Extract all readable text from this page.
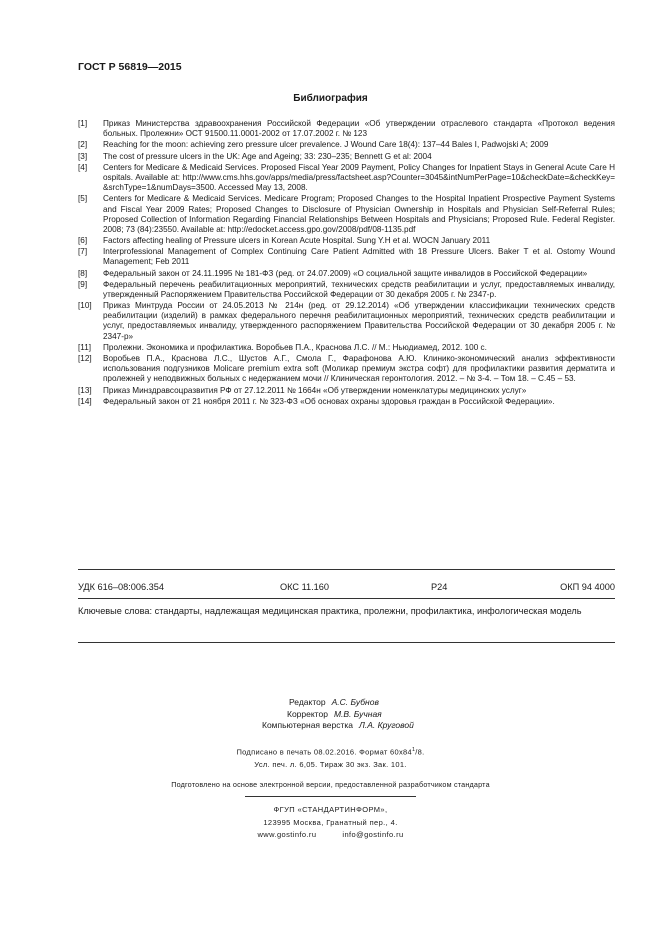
ГОСТ Р 56819—2015
Библиография
[1]	Приказ Министерства здравоохранения Российской Федерации «Об утверждении отраслевого стандарта «Протокол ведения больных. Пролежни» ОСТ 91500.11.0001-2002 от 17.07.2002 г. № 123
[2]	Reaching for the moon: achieving zero pressure ulcer prevalence. J Wound Care 18(4): 137–44 Bales I, Padwojski A; 2009
[3]	The cost of pressure ulcers in the UK: Age and Ageing; 33: 230–235; Bennett G et al: 2004
[4]	Centers for Medicare & Medicaid Services. Proposed Fiscal Year 2009 Payment, Policy Changes for Inpatient Stays in General Acute Care Hospitals. Available at: http://www.cms.hhs.gov/apps/media/press/factsheet.asp?Counter=3045&intNumPerPage=10&checkDate=&checkKey=&srchType=1&numDays=3500. Accessed May 13, 2008.
[5]	Centers for Medicare & Medicaid Services. Medicare Program; Proposed Changes to the Hospital Inpatient Prospective Payment Systems and Fiscal Year 2009 Rates; Proposed Changes to Disclosure of Physician Ownership in Hospitals and Physician Self-Referral Rules; Proposed Collection of Information Regarding Financial Relationships Between Hospitals and Physicians; Proposed Rule. Federal Register. 2008; 73 (84):23550. Available at: http://edocket.access.gpo.gov/2008/pdf/08-1135.pdf
[6]	Factors affecting healing of Pressure ulcers in Korean Acute Hospital. Sung Y.H et al. WOCN January 2011
[7]	Interprofessional Management of Complex Continuing Care Patient Admitted with 18 Pressure Ulcers. Baker T et al. Ostomy Wound Management; Feb 2011
[8]	Федеральный закон от 24.11.1995 № 181-ФЗ (ред. от 24.07.2009) «О социальной защите инвалидов в Российской Федерации»
[9]	Федеральный перечень реабилитационных мероприятий, технических средств реабилитации и услуг, предоставляемых инвалиду, утвержденный Распоряжением Правительства Российской Федерации от 30 декабря 2005 г. № 2347-р.
[10]	Приказ Минтруда России от 24.05.2013 № 214н (ред. от 29.12.2014) «Об утверждении классификации технических средств реабилитации (изделий) в рамках федерального перечня реабилитационных мероприятий, технических средств реабилитации и услуг, предоставляемых инвалиду, утвержденного распоряжением Правительства Российской Федерации от 30 декабря 2005 г. № 2347-р»
[11]	Пролежни. Экономика и профилактика. Воробьев П.А., Краснова Л.С. // М.: Ньюдиамед, 2012. 100 с.
[12]	Воробьев П.А., Краснова Л.С., Шустов А.Г., Смола Г., Фарафонова А.Ю. Клинико-экономический анализ эффективности использования подгузников Molicare premium extra soft (Моликар премиум экстра софт) для профилактики развития дерматита и пролежней у неподвижных больных с недержанием мочи // Клиническая геронтология. 2012. – № 3-4. – Том 18. – С.45 – 53.
[13]	Приказ Минздравсоцразвития РФ от 27.12.2011 № 1664н «Об утверждении номенклатуры медицинских услуг»
[14]	Федеральный закон от 21 ноября 2011 г. № 323-ФЗ «Об основах охраны здоровья граждан в Российской Федерации».
УДК 616–08:006.354	ОКС 11.160	Р24	ОКП 94 4000
Ключевые слова: стандарты, надлежащая медицинская практика, пролежни, профилактика, инфологическая модель
Редактор А.С. Бубнов
Корректор М.В. Бучная
Компьютерная верстка Л.А. Круговой
Подписано в печать 08.02.2016. Формат $60x84^1/8$.
Усл. печ. л. 6,05. Тираж 30 экз. Зак. 101.
Подготовлено на основе электронной версии, предоставленной разработчиком стандарта
ФГУП «СТАНДАРТИНФОРМ»,
123995 Москва, Гранатный пер., 4.
www.gostinfo.ru	info@gostinfo.ru
